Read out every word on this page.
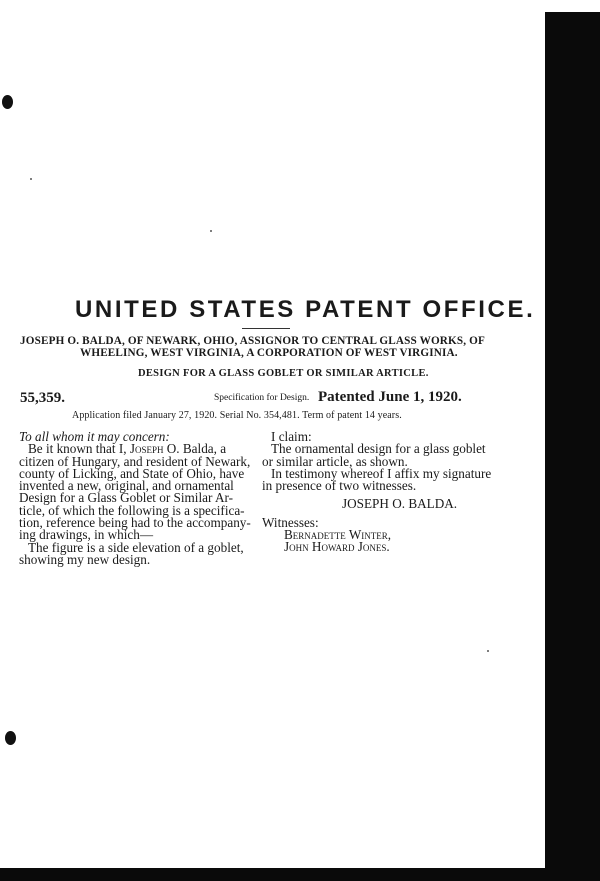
UNITED STATES PATENT OFFICE.
JOSEPH O. BALDA, OF NEWARK, OHIO, ASSIGNOR TO CENTRAL GLASS WORKS, OF
WHEELING, WEST VIRGINIA, A CORPORATION OF WEST VIRGINIA.
DESIGN FOR A GLASS GOBLET OR SIMILAR ARTICLE.
55,359.	Specification for Design. Patented June 1, 1920.
Application filed January 27, 1920. Serial No. 354,481. Term of patent 14 years.
To all whom it may concern:
Be it known that I, Joseph O. Balda, a
citizen of Hungary, and resident of Newark,
county of Licking, and State of Ohio, have
invented a new, original, and ornamental
Design for a Glass Goblet or Similar Ar-
ticle, of which the following is a specifica-
tion, reference being had to the accompany-
ing drawings, in which—
The figure is a side elevation of a goblet,
showing my new design.
I claim:
The ornamental design for a glass goblet
or similar article, as shown.
In testimony whereof I affix my signature
in presence of two witnesses.
JOSEPH O. BALDA.
Witnesses:
Bernadette Winter,
John Howard Jones.
